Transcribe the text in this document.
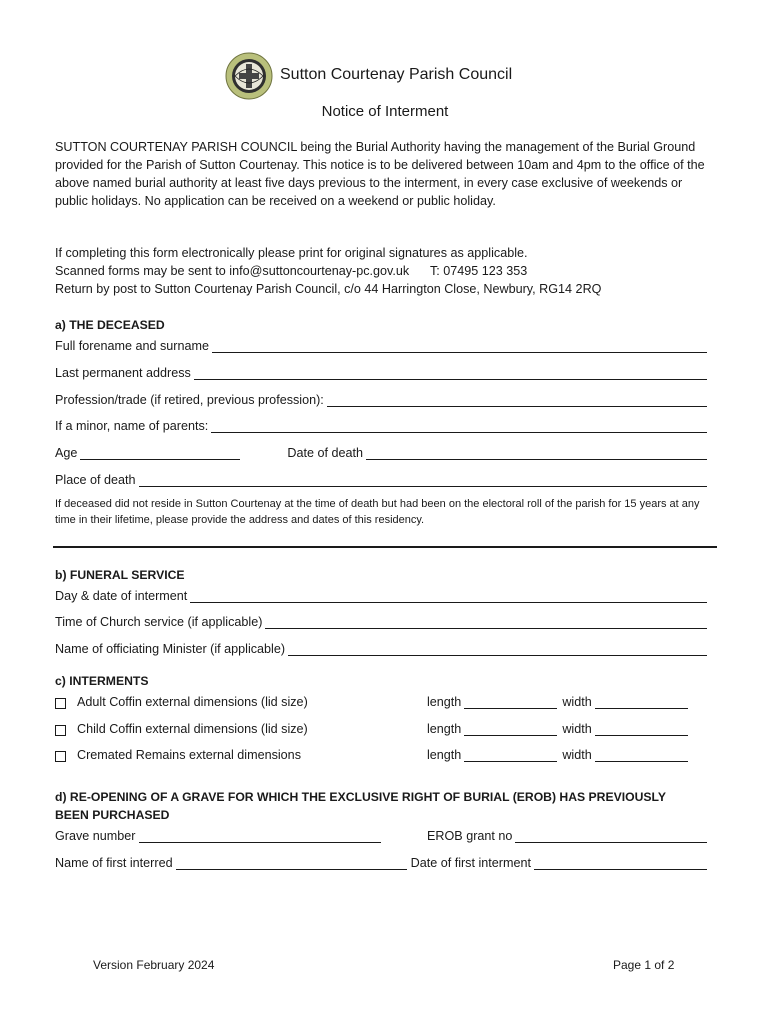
Sutton Courtenay Parish Council
Notice of Interment
SUTTON COURTENAY PARISH COUNCIL being the Burial Authority having the management of the Burial Ground provided for the Parish of Sutton Courtenay. This notice is to be delivered between 10am and 4pm to the office of the above named burial authority at least five days previous to the interment, in every case exclusive of weekends or public holidays. No application can be received on a weekend or public holiday.
If completing this form electronically please print for original signatures as applicable.
Scanned forms may be sent to info@suttoncourtenay-pc.gov.uk T: 07495 123 353
Return by post to Sutton Courtenay Parish Council, c/o 44 Harrington Close, Newbury, RG14 2RQ
a) THE DECEASED
Full forename and surname
Last permanent address
Profession/trade (if retired, previous profession):
If a minor, name of parents:
Age	Date of death
Place of death
If deceased did not reside in Sutton Courtenay at the time of death but had been on the electoral roll of the parish for 15 years at any time in their lifetime, please provide the address and dates of this residency.
b) FUNERAL SERVICE
Day & date of interment
Time of Church service (if applicable)
Name of officiating Minister (if applicable)
c) INTERMENTS
Adult Coffin external dimensions (lid size)	length	width
Child Coffin external dimensions (lid size)	length	width
Cremated Remains external dimensions	length	width
d) RE-OPENING OF A GRAVE FOR WHICH THE EXCLUSIVE RIGHT OF BURIAL (EROB) HAS PREVIOUSLY
BEEN PURCHASED
Grave number	EROB grant no
Name of first interred	Date of first interment
Version February 2024	Page 1 of 2
